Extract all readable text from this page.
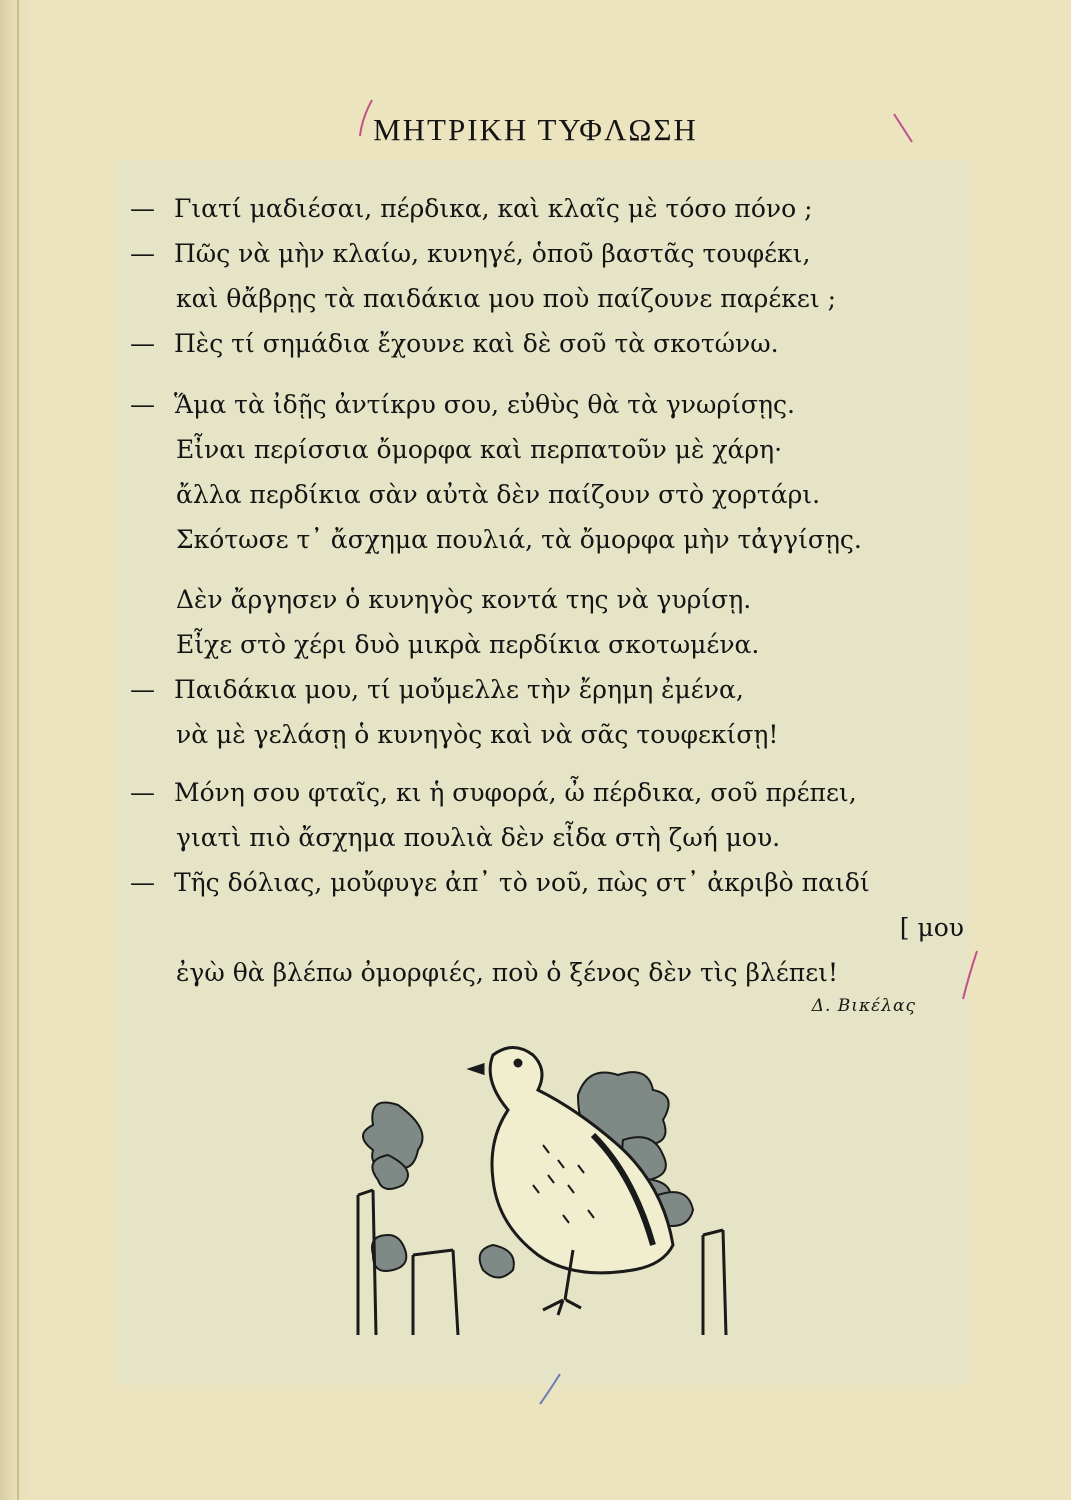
ΜΗΤΡΙΚΗ ΤΥΦΛΩΣΗ
— Γιατί μαδιέσαι, πέρδικα, καὶ κλαῖς μὲ τόσο πόνο ;
— Πῶς νὰ μὴν κλαίω, κυνηγέ, ὁποῦ βαστᾶς τουφέκι,
καὶ θἄβρῃς τὰ παιδάκια μου ποὺ παίζουνε παρέκει ;
— Πὲς τί σημάδια ἔχουνε καὶ δὲ σοῦ τὰ σκοτώνω.
— Ἅμα τὰ ἰδῇς ἀντίκρυ σου, εὐθὺς θὰ τὰ γνωρίσῃς.
Εἶναι περίσσια ὄμορφα καὶ περπατοῦν μὲ χάρη·
ἄλλα περδίκια σὰν αὐτὰ δὲν παίζουν στὸ χορτάρι.
Σκότωσε τ᾽ ἄσχημα πουλιά, τὰ ὄμορφα μὴν τἀγγίσῃς.
Δὲν ἄργησεν ὁ κυνηγὸς κοντά της νὰ γυρίσῃ.
Εἶχε στὸ χέρι δυὸ μικρὰ περδίκια σκοτωμένα.
— Παιδάκια μου, τί μοὔμελλε τὴν ἔρημη ἐμένα,
νὰ μὲ γελάσῃ ὁ κυνηγὸς καὶ νὰ σᾶς τουφεκίσῃ!
— Μόνη σου φταῖς, κι ἡ συφορά, ὦ πέρδικα, σοῦ πρέπει,
γιατὶ πιὸ ἄσχημα πουλιὰ δὲν εἶδα στὴ ζωή μου.
— Τῆς δόλιας, μοὔφυγε ἀπ᾽ τὸ νοῦ, πὼς στ᾽ ἀκριβὸ παιδί
[ μου
ἐγὼ θὰ βλέπω ὀμορφιές, ποὺ ὁ ξένος δὲν τὶς βλέπει!
Δ. Βικέλας
